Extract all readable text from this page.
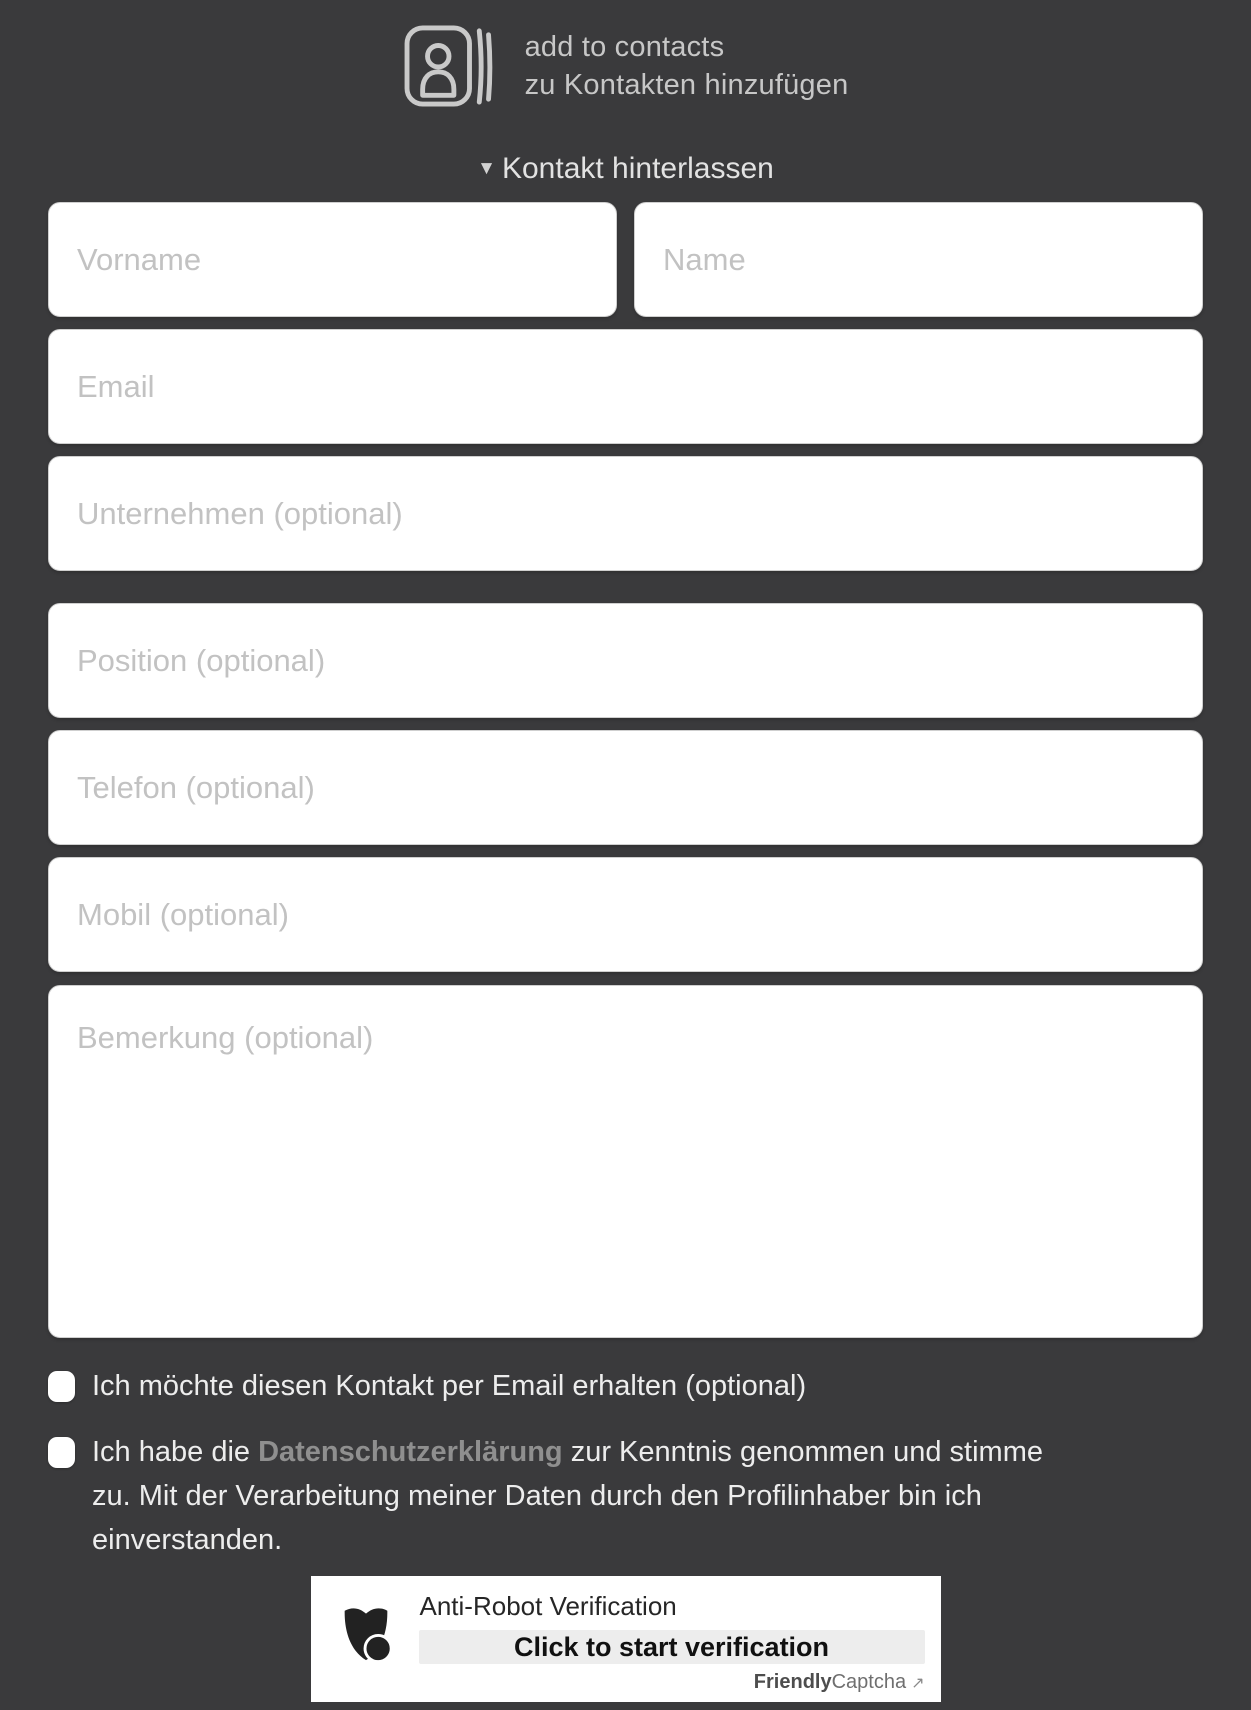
add to contacts
zu Kontakten hinzufügen
▼ Kontakt hinterlassen
Vorname
Name
Email
Unternehmen (optional)
Position (optional)
Telefon (optional)
Mobil (optional)
Bemerkung (optional)
Ich möchte diesen Kontakt per Email erhalten (optional)
Ich habe die Datenschutzerklärung zur Kenntnis genommen und stimme zu. Mit der Verarbeitung meiner Daten durch den Profilinhaber bin ich einverstanden.
Anti-Robot Verification
Click to start verification
FriendlyCaptcha ↗
